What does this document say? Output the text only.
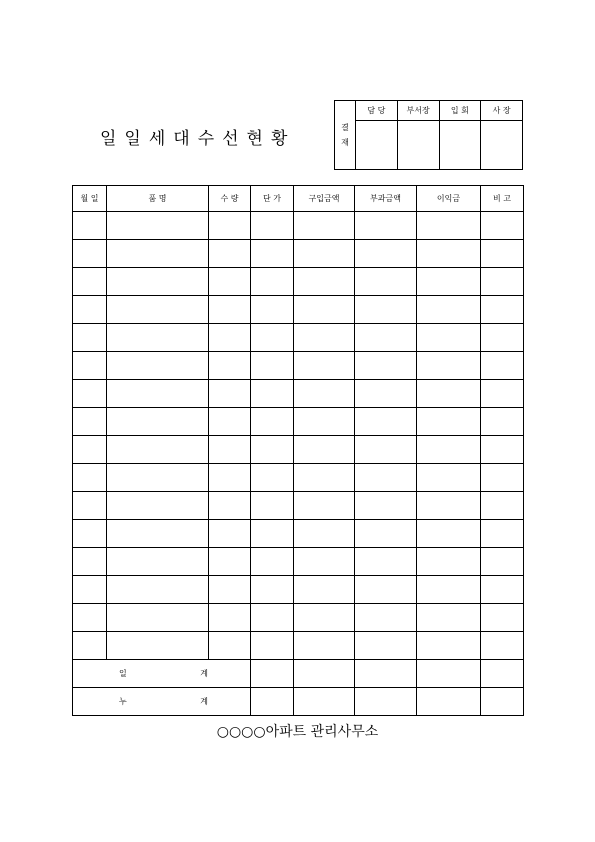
일일세대수선현황
결
재	담 당	부서장	입 회	사 장

월 일	품 명	수 량	단 가	구입금액	부과금액	이익금	비 고

일 계							

누 계							

○○○○아파트 관리사무소
